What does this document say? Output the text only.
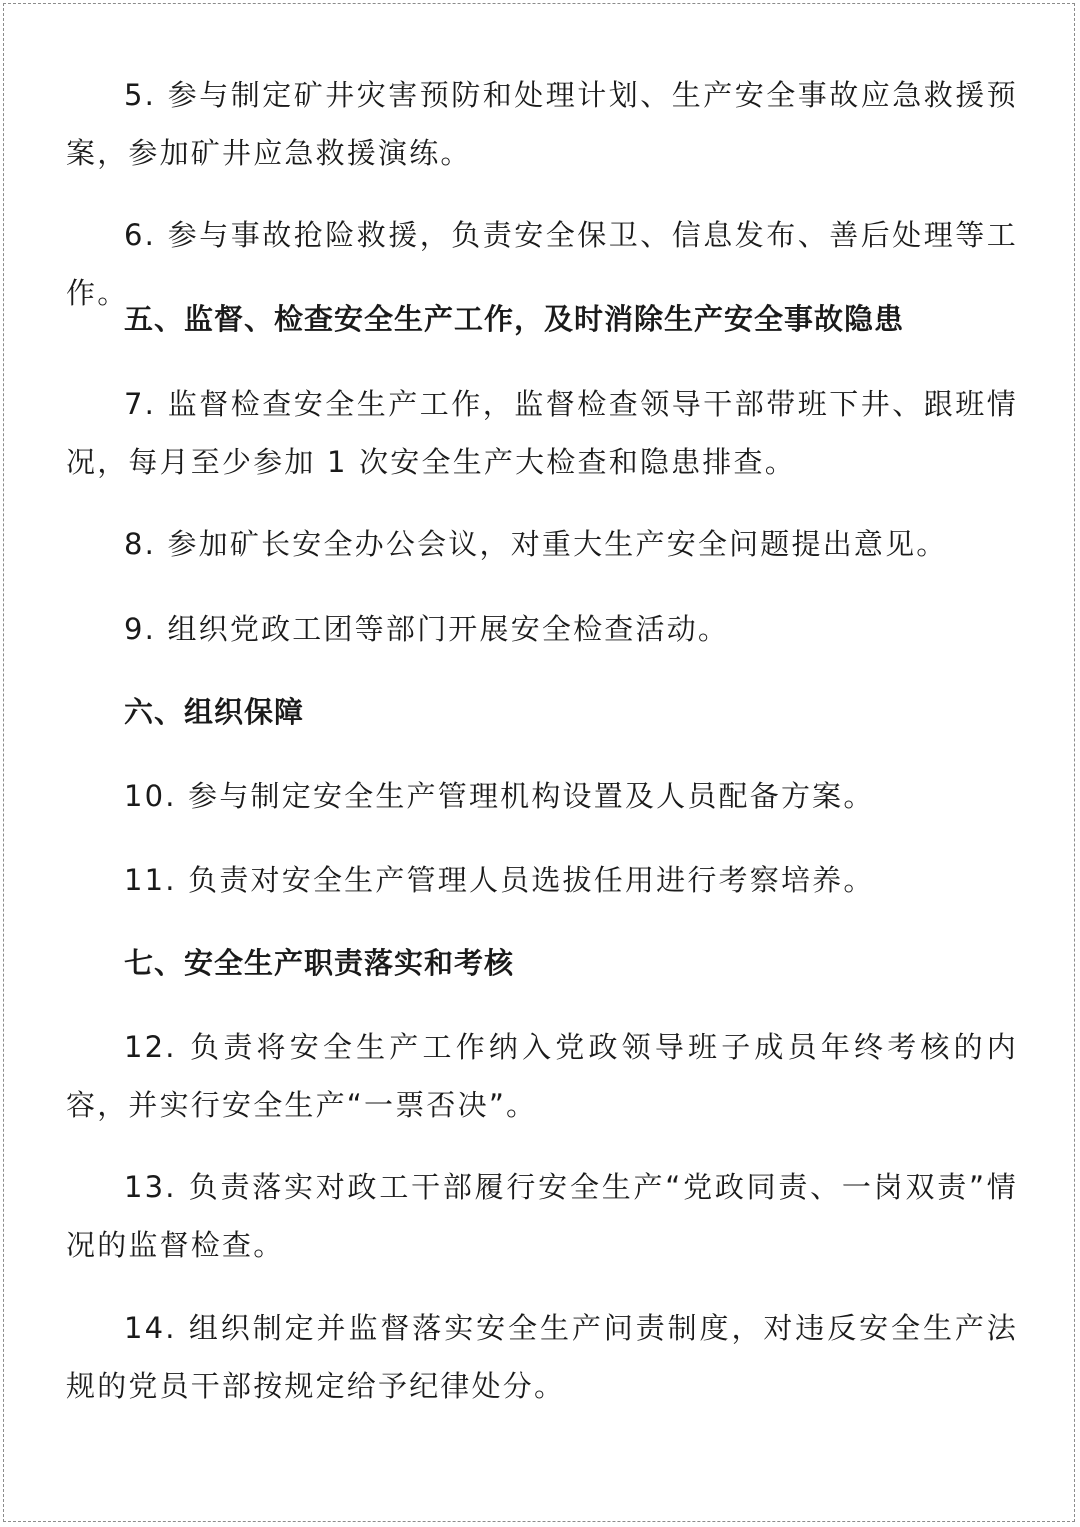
5. 参与制定矿井灾害预防和处理计划、生产安全事故应急救援预案，参加矿井应急救援演练。

6. 参与事故抢险救援，负责安全保卫、信息发布、善后处理等工作。

五、监督、检查安全生产工作，及时消除生产安全事故隐患

7. 监督检查安全生产工作，监督检查领导干部带班下井、跟班情况，每月至少参加 1 次安全生产大检查和隐患排查。

8. 参加矿长安全办公会议，对重大生产安全问题提出意见。

9. 组织党政工团等部门开展安全检查活动。

六、组织保障

10. 参与制定安全生产管理机构设置及人员配备方案。

11. 负责对安全生产管理人员选拔任用进行考察培养。

七、安全生产职责落实和考核

12. 负责将安全生产工作纳入党政领导班子成员年终考核的内容，并实行安全生产“一票否决”。

13. 负责落实对政工干部履行安全生产“党政同责、一岗双责”情况的监督检查。

14. 组织制定并监督落实安全生产问责制度，对违反安全生产法规的党员干部按规定给予纪律处分。
